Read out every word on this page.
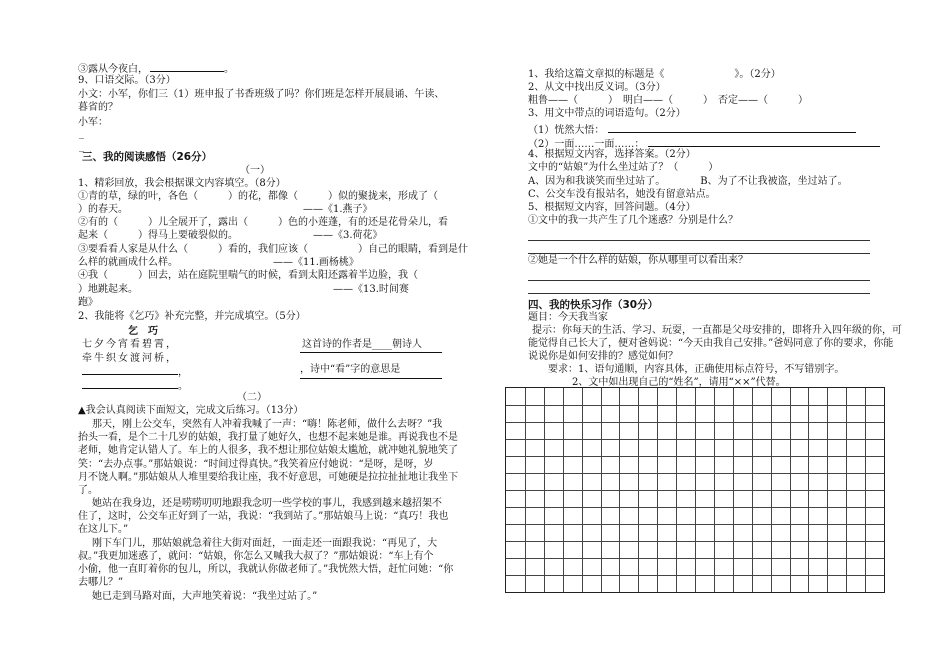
③露从今夜白，	。
9、口语交际。（3分）
小文：小军，你们三（1）班申报了书香班级了吗？你们班是怎样开展晨诵、午读、
暮省的？
小军：
_
_
三、我的阅读感悟（26分）
（一）
1、精彩回放，我会根据课文内容填空。（8分）
①青的草，绿的叶，各色（　　　）的花，都像（　　　）似的聚拢来，形成了（
）的春天。　　　　　　　　　　　　　　　　　　——《1.燕子》
②有的（　　　）儿全展开了，露出（　　　）色的小莲蓬，有的还是花骨朵儿，看
起来（　　　）得马上要破裂似的。　　　　　　　　——《3.荷花》
③要看看人家是从什么（　　　）看的，我们应该（　　　　　）自己的眼睛，看到是什
么样的就画成什么样。　　　　　　　　　　——《11.画杨桃》
④我（　　　）回去，站在庭院里喘气的时候，看到太阳还露着半边脸，我（
）地跳起来。　　　　　　　　　　　　　　　　　　　　——《13.时间赛
跑》
2、我能将《乞巧》补充完整，并完成填空。（5分）
乞　巧
七夕今宵看碧霄，
牵牛织女渡河桥，
，
。
这首诗的作者是____朝诗人
，诗中“看”字的意思是
（二）
▲我会认真阅读下面短文，完成文后练习。（13分）
那天，刚上公交车，突然有人冲着我喊了一声：“嗨！陈老师，做什么去呀？”我
抬头一看，是个二十几岁的姑娘，我打量了她好久，也想不起来她是谁。再说我也不是
老师，她肯定认错人了。车上的人很多，我不想让那位姑娘太尴尬，就冲她礼貌地笑了
笑：“去办点事。”那姑娘说：“时间过得真快。”我笑着应付她说：“是呀，是呀，岁
月不饶人啊。”那姑娘从人堆里要给我让座，我不好意思，可她硬是拉拉扯扯地让我坐下
了。
她站在我身边，还是唠唠叨叨地跟我念叨一些学校的事儿，我感到越来越招架不
住了，这时，公交车正好到了一站，我说：“我到站了。”那姑娘马上说：“真巧！我也
在这儿下。”
刚下车门儿，那姑娘就急着往大街对面赶，一面走还一面跟我说：“再见了，大
叔。”我更加迷惑了，就问：“姑娘，你怎么又喊我大叔了？”那姑娘说：“车上有个
小偷，他一直盯着你的包儿，所以，我就认你做老师了。”我恍然大悟，赶忙问她：“你
去哪儿？”
她已走到马路对面，大声地笑着说：“我坐过站了。”
1、我给这篇文章拟的标题是《　　　　　　　》。（2分）
2、从文中找出反义词。（3分）
粗鲁——（　　　）　明白——（　　　）　否定——（　　　）
3、用文中带点的词语造句。（2分）
（1）恍然大悟：
（2）一面……一面……：
4、根据短文内容，选择答案。（2分）
文中的“姑娘”为什么坐过站了？（　　　）
A、因为和我谈笑而坐过站了。　　　　B、为了不让我被盗，坐过站了。
C、公交车没有报站名，她没有留意站点。
5、根据短文内容，回答问题。（4分）
①文中的我一共产生了几个迷惑？分别是什么？
②她是一个什么样的姑娘，你从哪里可以看出来？
四、我的快乐习作（30分）
题目：今天我当家
提示：你每天的生活、学习、玩耍，一直都是父母安排的，即将升入四年级的你，可
能觉得自己长大了，便对爸妈说：“今天由我自己安排。”爸妈同意了你的要求，你能
说说你是如何安排的？感觉如何？
要求：1、语句通顺，内容具体，正确使用标点符号，不写错别字。
2、文中如出现自己的“姓名”，请用“××”代替。
